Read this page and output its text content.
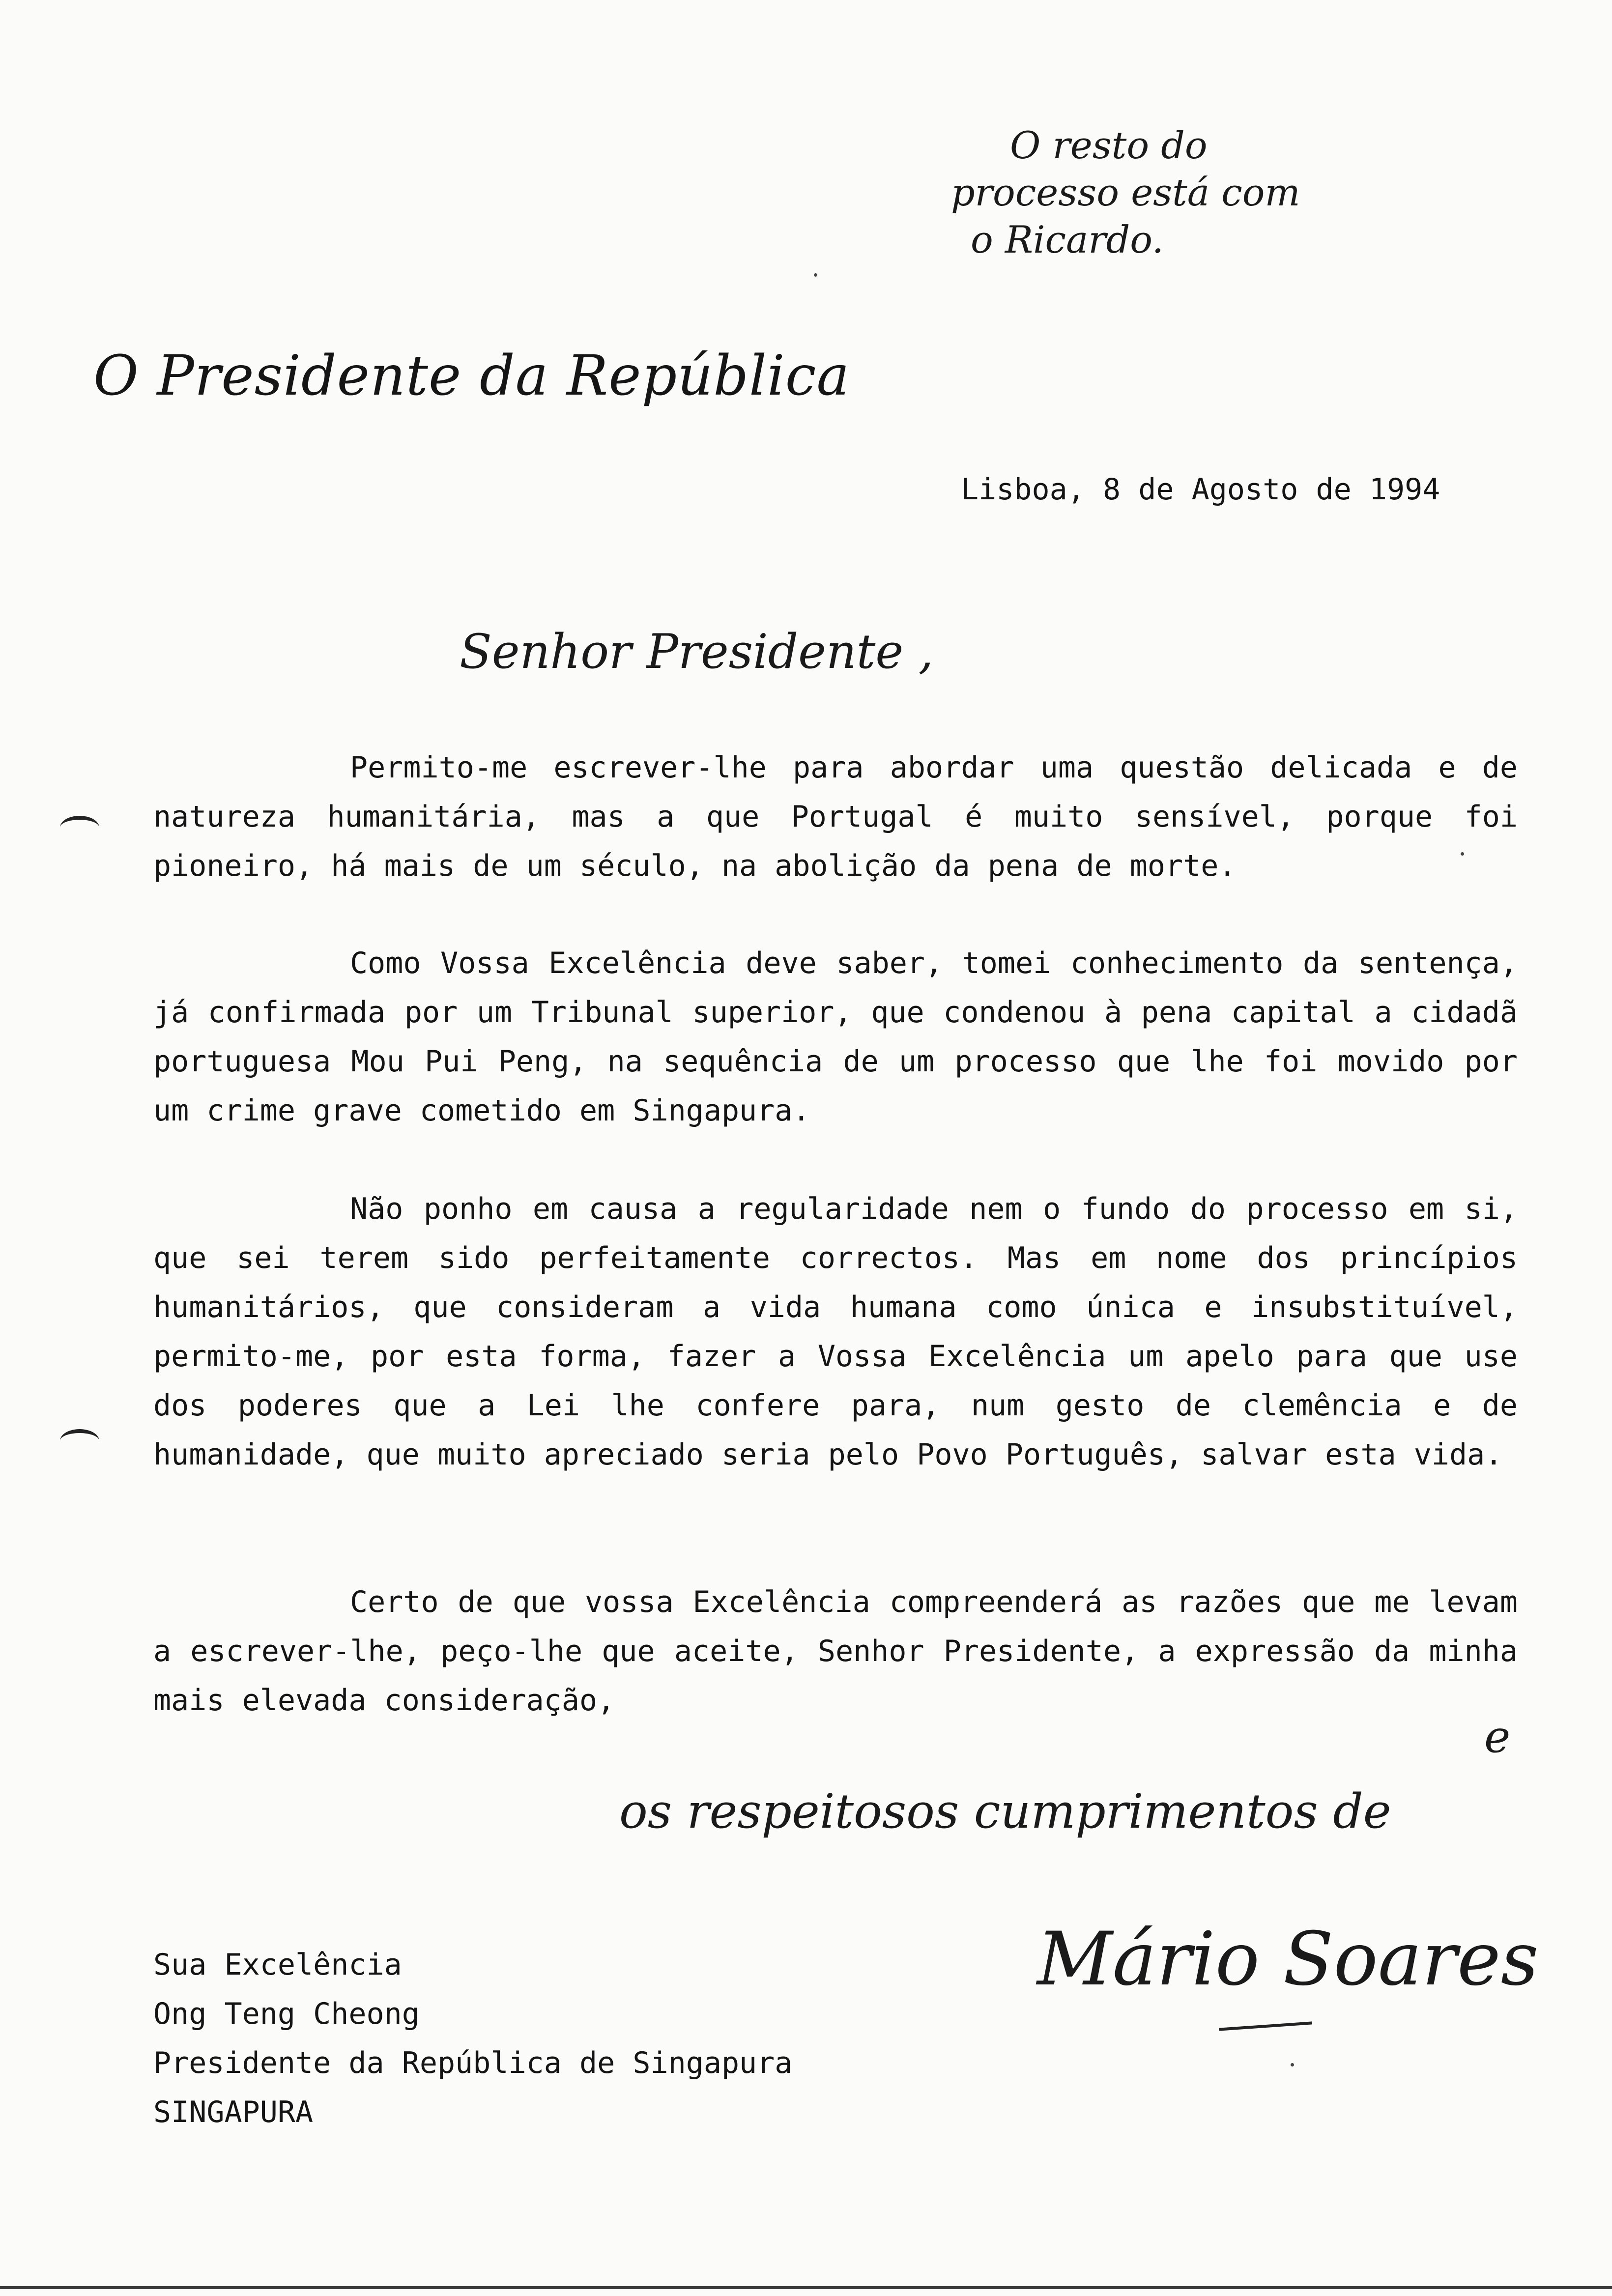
O resto do
processo está com
o Ricardo.
O Presidente da República

Lisboa, 8 de Agosto de 1994

Senhor Presidente ,

Permito-me escrever-lhe para abordar uma questão delicada e de natureza humanitária, mas a que Portugal é muito sensível, porque foi pioneiro, há mais de um século, na abolição da pena de morte.

Como Vossa Excelência deve saber, tomei conhecimento da sentença, já confirmada por um Tribunal superior, que condenou à pena capital a cidadã portuguesa Mou Pui Peng, na sequência de um processo que lhe foi movido por um crime grave cometido em Singapura.

Não ponho em causa a regularidade nem o fundo do processo em si, que sei terem sido perfeitamente correctos. Mas em nome dos princípios humanitários, que consideram a vida humana como única e insubstituível, permito-me, por esta forma, fazer a Vossa Excelência um apelo para que use dos poderes que a Lei lhe confere para, num gesto de clemência e de humanidade, que muito apreciado seria pelo Povo Português, salvar esta vida.

Certo de que vossa Excelência compreenderá as razões que me levam a escrever-lhe, peço-lhe que aceite, Senhor Presidente, a expressão da minha mais elevada consideração,

e
os respeitosos cumprimentos de
Mário Soares
Sua Excelência
Ong Teng Cheong
Presidente da República de Singapura
SINGAPURA
